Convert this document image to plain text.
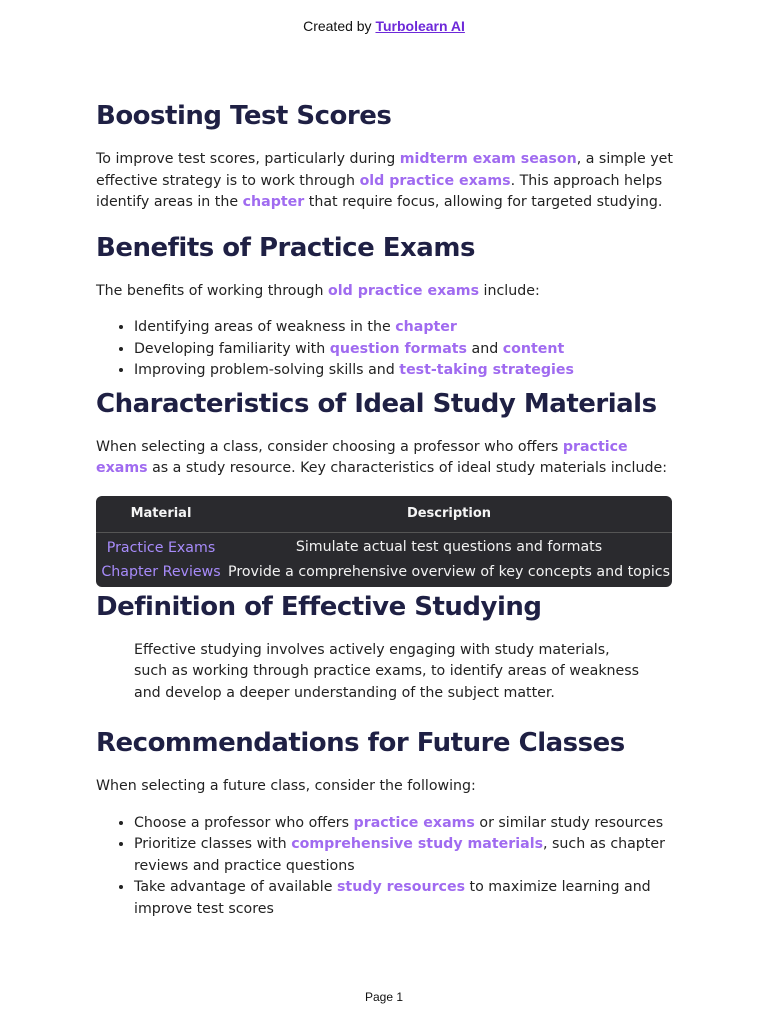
Created by Turbolearn AI
Boosting Test Scores

To improve test scores, particularly during midterm exam season, a simple yet effective strategy is to work through old practice exams. This approach helps identify areas in the chapter that require focus, allowing for targeted studying.

Benefits of Practice Exams

The benefits of working through old practice exams include:

• Identifying areas of weakness in the chapter
• Developing familiarity with question formats and content
• Improving problem-solving skills and test-taking strategies
Characteristics of Ideal Study Materials

When selecting a class, consider choosing a professor who offers practice exams as a study resource. Key characteristics of ideal study materials include:

Material	Description
Practice Exams	Simulate actual test questions and formats
Chapter Reviews	Provide a comprehensive overview of key concepts and topics
Definition of Effective Studying

Effective studying involves actively engaging with study materials, such as working through practice exams, to identify areas of weakness and develop a deeper understanding of the subject matter.

Recommendations for Future Classes

When selecting a future class, consider the following:

• Choose a professor who offers practice exams or similar study resources
• Prioritize classes with comprehensive study materials, such as chapter reviews and practice questions
• Take advantage of available study resources to maximize learning and improve test scores
Page 1
